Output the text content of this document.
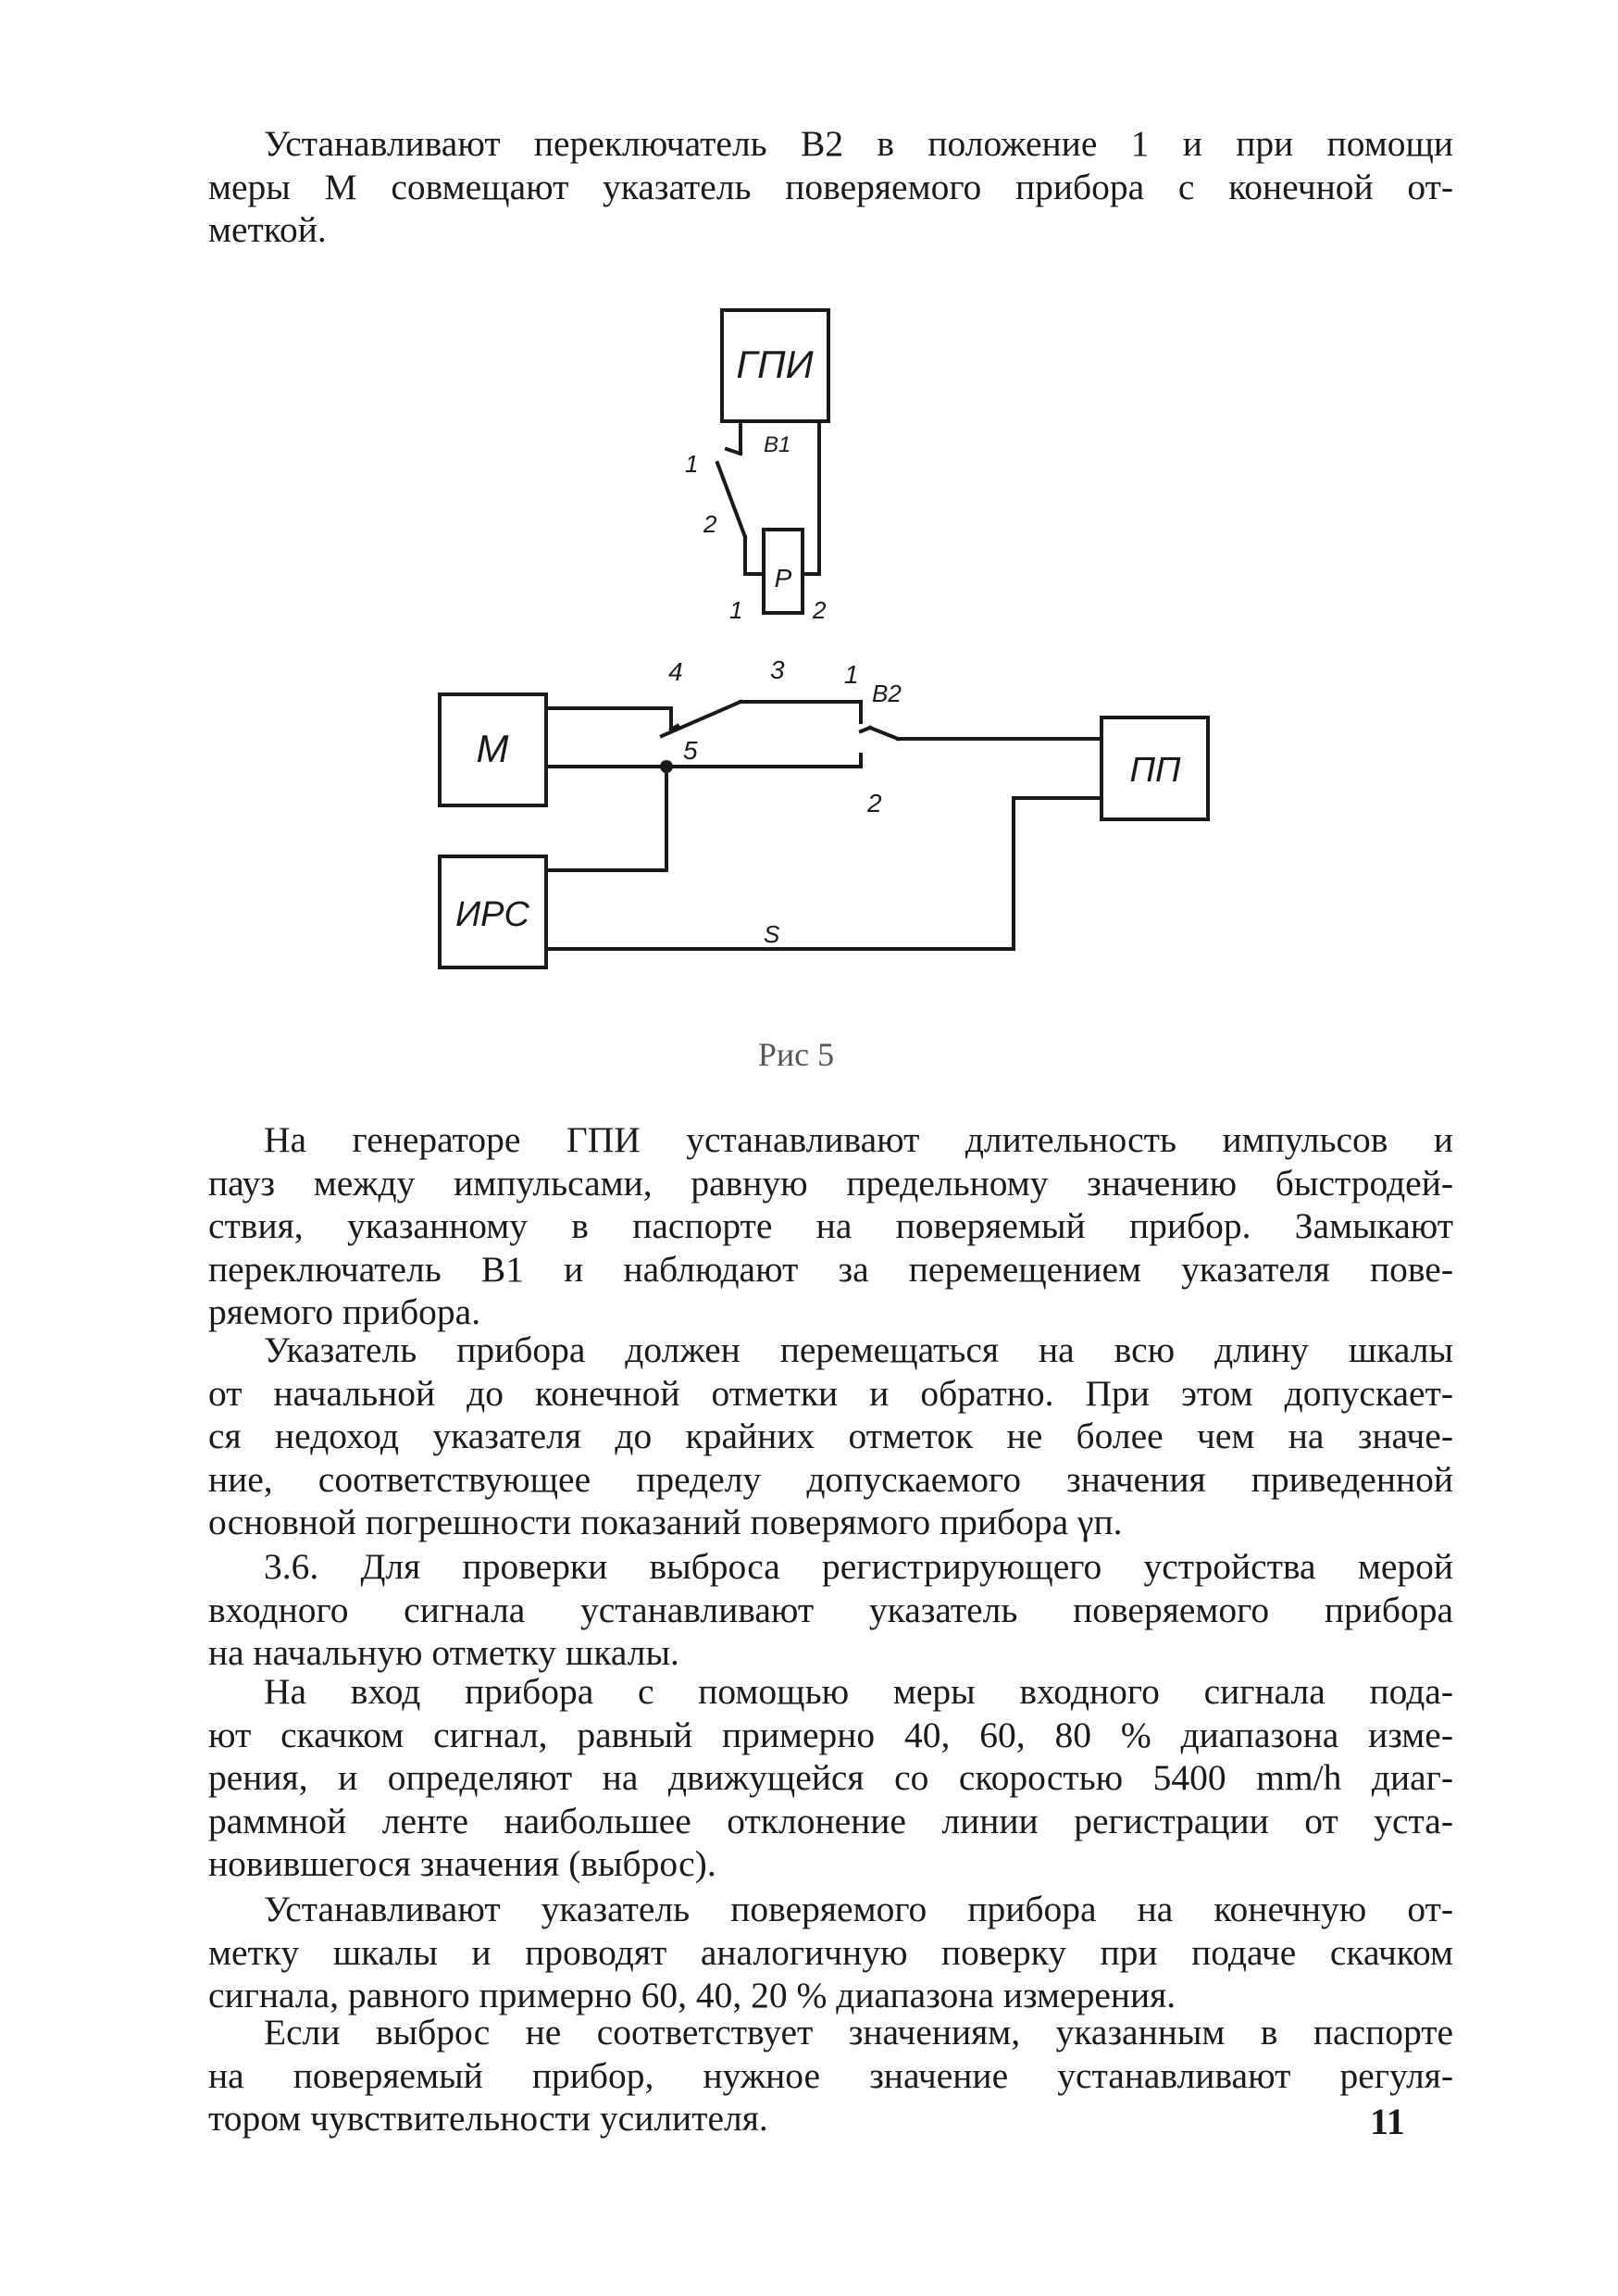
Устанавливают переключатель В2 в положение 1 и при помощи
меры М совмещают указатель поверяемого прибора с конечной от-
меткой.
ГПИ
Р
М	ПП
ИРС
В1
1
2
1	2
4	3 1
В2
5
2
S
Рис 5
На генераторе ГПИ устанавливают длительность импульсов и
пауз между импульсами, равную предельному значению быстродей-
ствия, указанному в паспорте на поверяемый прибор. Замыкают
переключатель В1 и наблюдают за перемещением указателя пове-
ряемого прибора.
Указатель прибора должен перемещаться на всю длину шкалы
от начальной до конечной отметки и обратно. При этом допускает-
ся недоход указателя до крайних отметок не более чем на значе-
ние, соответствующее пределу допускаемого значения приведенной
основной погрешности показаний поверямого прибора γп.
3.6. Для проверки выброса регистрирующего устройства мерой
входного сигнала устанавливают указатель поверяемого прибора
на начальную отметку шкалы.
На вход прибора с помощью меры входного сигнала пода-
ют скачком сигнал, равный примерно 40, 60, 80 % диапазона изме-
рения, и определяют на движущейся со скоростью 5400 mm/h диаг-
раммной ленте наибольшее отклонение линии регистрации от уста-
новившегося значения (выброс).
Устанавливают указатель поверяемого прибора на конечную от-
метку шкалы и проводят аналогичную поверку при подаче скачком
сигнала, равного примерно 60, 40, 20 % диапазона измерения.
Если выброс не соответствует значениям, указанным в паспорте
на поверяемый прибор, нужное значение устанавливают регуля-
тором чувствительности усилителя.	11
